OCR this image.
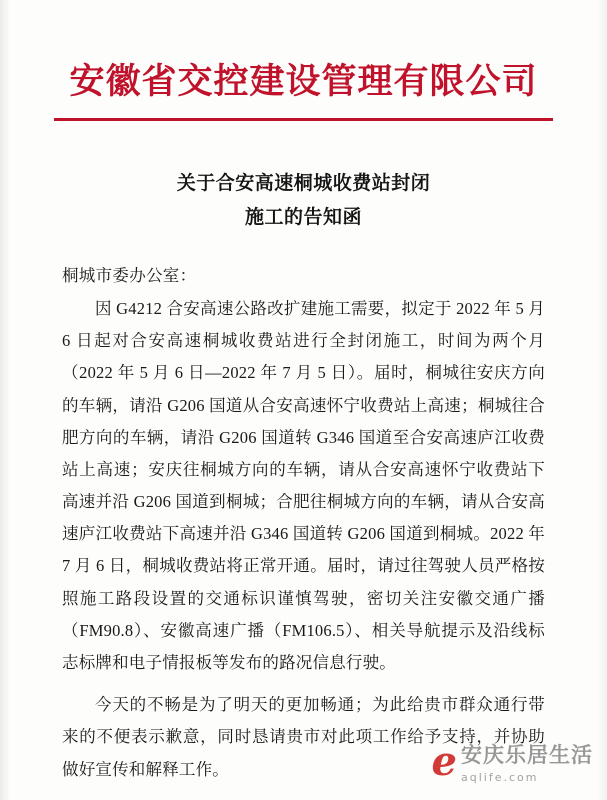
安徽省交控建设管理有限公司
关于合安高速桐城收费站封闭
施工的告知函
桐城市委办公室：
因 G4212 合安高速公路改扩建施工需要，拟定于 2022 年 5 月 6 日起对合安高速桐城收费站进行全封闭施工，时间为两个月（2022 年 5 月 6 日—2022 年 7 月 5 日）。届时，桐城往安庆方向的车辆，请沿 G206 国道从合安高速怀宁收费站上高速；桐城往合肥方向的车辆，请沿 G206 国道转 G346 国道至合安高速庐江收费站上高速；安庆往桐城方向的车辆，请从合安高速怀宁收费站下高速并沿 G206 国道到桐城；合肥往桐城方向的车辆，请从合安高速庐江收费站下高速并沿 G346 国道转 G206 国道到桐城。2022 年 7 月 6 日，桐城收费站将正常开通。届时，请过往驾驶人员严格按照施工路段设置的交通标识谨慎驾驶，密切关注安徽交通广播（FM90.8）、安徽高速广播（FM106.5）、相关导航提示及沿线标志标牌和电子情报板等发布的路况信息行驶。
今天的不畅是为了明天的更加畅通；为此给贵市群众通行带来的不便表示歉意，同时恳请贵市对此项工作给予支持，并协助做好宣传和解释工作。	e 安庆乐居生活
aqlife.com
